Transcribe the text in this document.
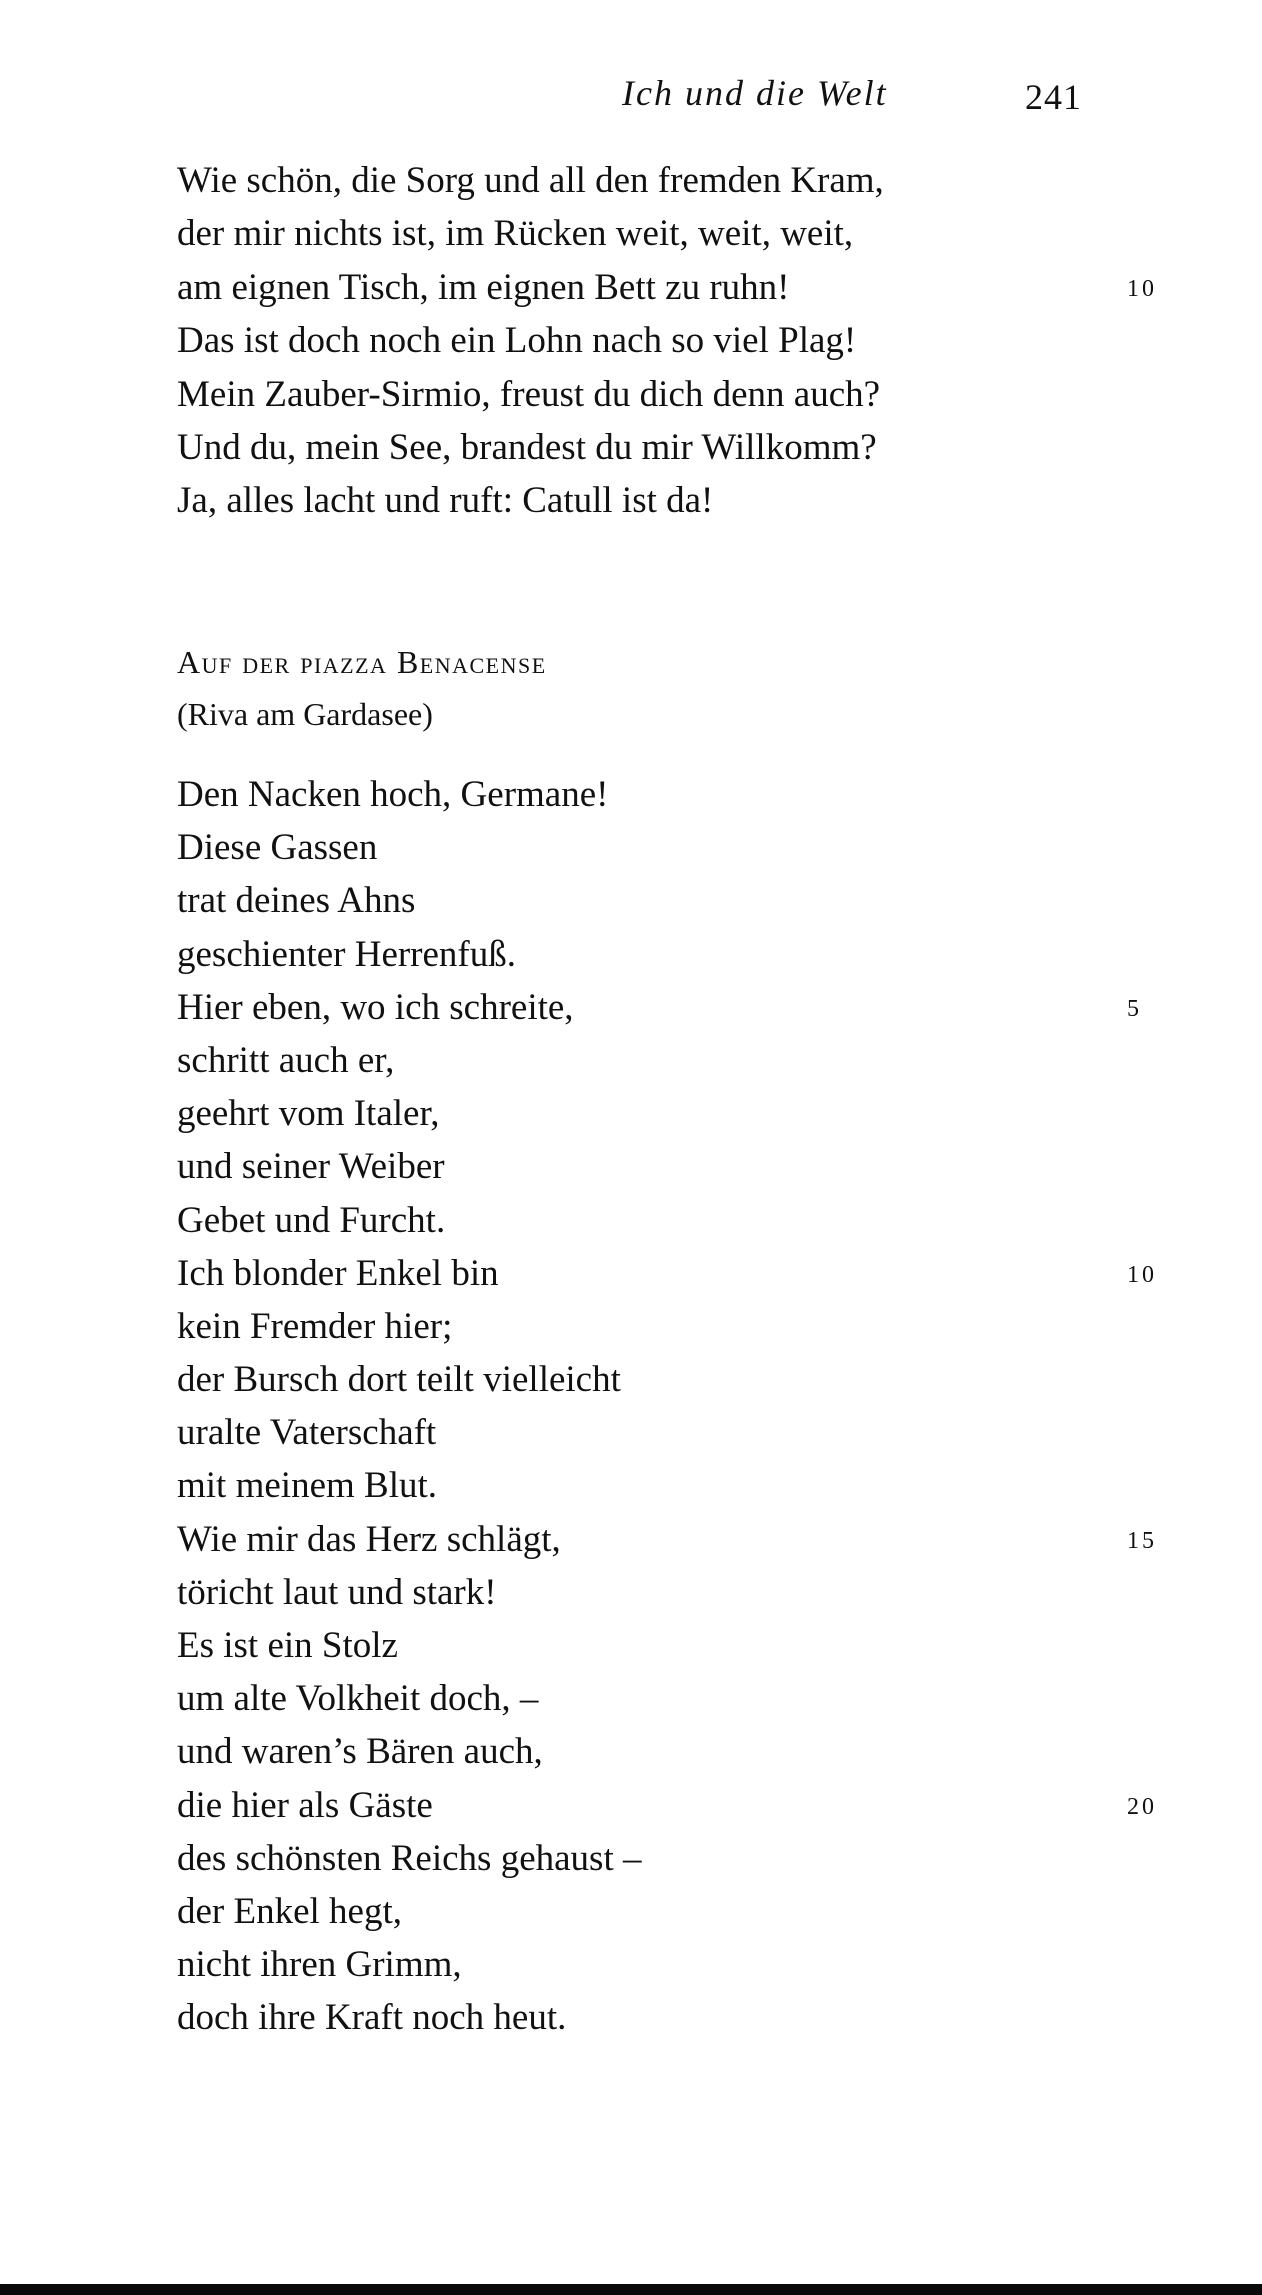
Ich und die Welt	241
Wie schön, die Sorg und all den fremden Kram,
der mir nichts ist, im Rücken weit, weit, weit,
am eignen Tisch, im eignen Bett zu ruhn!	10
Das ist doch noch ein Lohn nach so viel Plag!
Mein Zauber-Sirmio, freust du dich denn auch?
Und du, mein See, brandest du mir Willkomm?
Ja, alles lacht und ruft: Catull ist da!
Auf der piazza Benacense
(Riva am Gardasee)
Den Nacken hoch, Germane!
Diese Gassen
trat deines Ahns
geschienter Herrenfuß.
Hier eben, wo ich schreite,	5
schritt auch er,
geehrt vom Italer,
und seiner Weiber
Gebet und Furcht.
Ich blonder Enkel bin	10
kein Fremder hier;
der Bursch dort teilt vielleicht
uralte Vaterschaft
mit meinem Blut.
Wie mir das Herz schlägt,	15
töricht laut und stark!
Es ist ein Stolz
um alte Volkheit doch, –
und waren’s Bären auch,
die hier als Gäste	20
des schönsten Reichs gehaust –
der Enkel hegt,
nicht ihren Grimm,
doch ihre Kraft noch heut.
